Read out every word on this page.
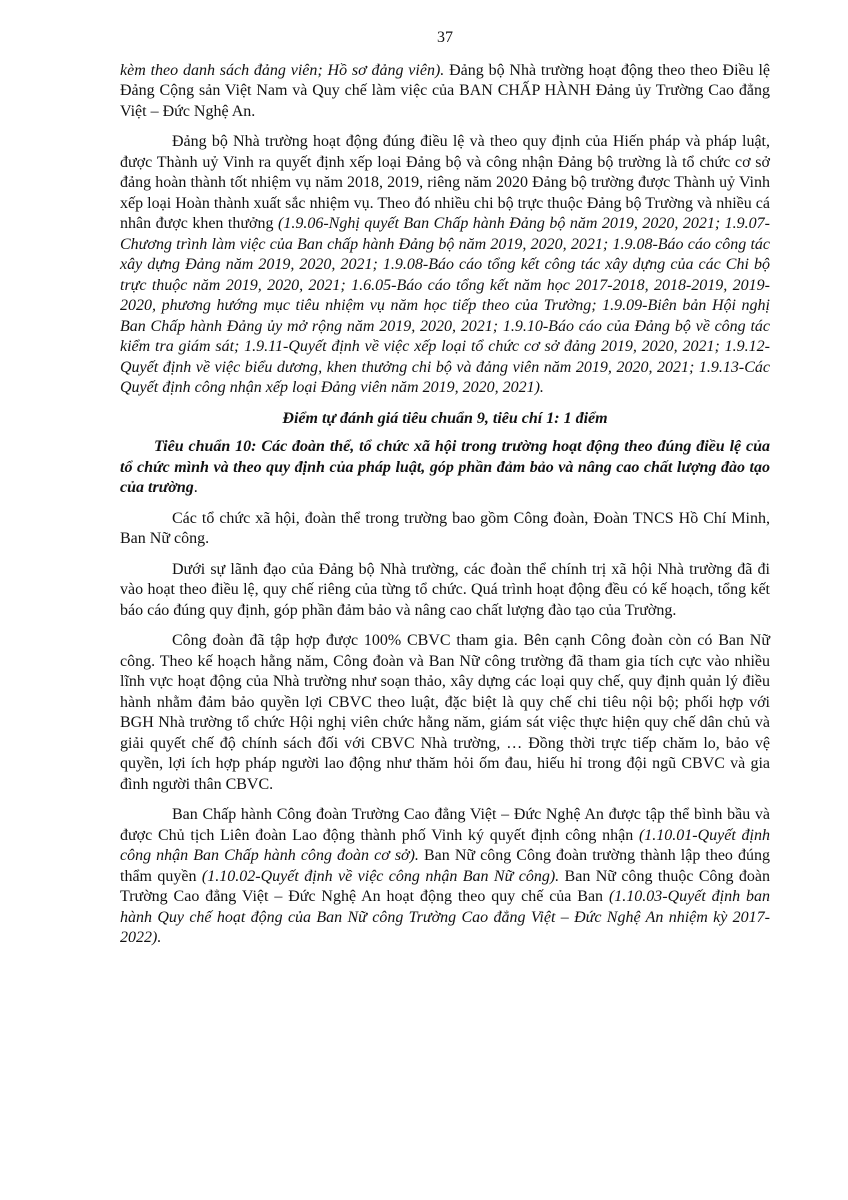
37

kèm theo danh sách đảng viên; Hồ sơ đảng viên). Đảng bộ Nhà trường hoạt động theo theo Điều lệ Đảng Cộng sản Việt Nam và Quy chế làm việc của BAN CHẤP HÀNH Đảng ủy Trường Cao đẳng Việt – Đức Nghệ An.

Đảng bộ Nhà trường hoạt động đúng điều lệ và theo quy định của Hiến pháp và pháp luật, được Thành uỷ Vinh ra quyết định xếp loại Đảng bộ và công nhận Đảng bộ trường là tổ chức cơ sở đảng hoàn thành tốt nhiệm vụ năm 2018, 2019, riêng năm 2020 Đảng bộ trường được Thành uỷ Vinh xếp loại Hoàn thành xuất sắc nhiệm vụ. Theo đó nhiều chi bộ trực thuộc Đảng bộ Trường và nhiều cá nhân được khen thưởng (1.9.06-Nghị quyết Ban Chấp hành Đảng bộ năm 2019, 2020, 2021; 1.9.07-Chương trình làm việc của Ban chấp hành Đảng bộ năm 2019, 2020, 2021; 1.9.08-Báo cáo công tác xây dựng Đảng năm 2019, 2020, 2021; 1.9.08-Báo cáo tổng kết công tác xây dựng của các Chi bộ trực thuộc năm 2019, 2020, 2021; 1.6.05-Báo cáo tổng kết năm học 2017-2018, 2018-2019, 2019-2020, phương hướng mục tiêu nhiệm vụ năm học tiếp theo của Trường; 1.9.09-Biên bản Hội nghị Ban Chấp hành Đảng ủy mở rộng năm 2019, 2020, 2021; 1.9.10-Báo cáo của Đảng bộ về công tác kiểm tra giám sát; 1.9.11-Quyết định về việc xếp loại tổ chức cơ sở đảng 2019, 2020, 2021; 1.9.12-Quyết định về việc biểu dương, khen thưởng chi bộ và đảng viên năm 2019, 2020, 2021; 1.9.13-Các Quyết định công nhận xếp loại Đảng viên năm 2019, 2020, 2021).

Điểm tự đánh giá tiêu chuẩn 9, tiêu chí 1: 1 điểm

Tiêu chuẩn 10: Các đoàn thể, tổ chức xã hội trong trường hoạt động theo đúng điều lệ của tổ chức mình và theo quy định của pháp luật, góp phần đảm bảo và nâng cao chất lượng đào tạo của trường.

Các tổ chức xã hội, đoàn thể trong trường bao gồm Công đoàn, Đoàn TNCS Hồ Chí Minh, Ban Nữ công.

Dưới sự lãnh đạo của Đảng bộ Nhà trường, các đoàn thể chính trị xã hội Nhà trường đã đi vào hoạt theo điều lệ, quy chế riêng của từng tổ chức. Quá trình hoạt động đều có kế hoạch, tổng kết báo cáo đúng quy định, góp phần đảm bảo và nâng cao chất lượng đào tạo của Trường.

Công đoàn đã tập hợp được 100% CBVC tham gia. Bên cạnh Công đoàn còn có Ban Nữ công. Theo kế hoạch hằng năm, Công đoàn và Ban Nữ công trường đã tham gia tích cực vào nhiều lĩnh vực hoạt động của Nhà trường như soạn thảo, xây dựng các loại quy chế, quy định quản lý điều hành nhằm đảm bảo quyền lợi CBVC theo luật, đặc biệt là quy chế chi tiêu nội bộ; phối hợp với BGH Nhà trường tổ chức Hội nghị viên chức hằng năm, giám sát việc thực hiện quy chế dân chủ và giải quyết chế độ chính sách đối với CBVC Nhà trường, … Đồng thời trực tiếp chăm lo, bảo vệ quyền, lợi ích hợp pháp người lao động như thăm hỏi ốm đau, hiếu hỉ trong đội ngũ CBVC và gia đình người thân CBVC.

Ban Chấp hành Công đoàn Trường Cao đẳng Việt – Đức Nghệ An được tập thể bình bầu và được Chủ tịch Liên đoàn Lao động thành phố Vinh ký quyết định công nhận (1.10.01-Quyết định công nhận Ban Chấp hành công đoàn cơ sở). Ban Nữ công Công đoàn trường thành lập theo đúng thẩm quyền (1.10.02-Quyết định về việc công nhận Ban Nữ công). Ban Nữ công thuộc Công đoàn Trường Cao đẳng Việt – Đức Nghệ An hoạt động theo quy chế của Ban (1.10.03-Quyết định ban hành Quy chế hoạt động của Ban Nữ công Trường Cao đẳng Việt – Đức Nghệ An nhiệm kỳ 2017-2022).
